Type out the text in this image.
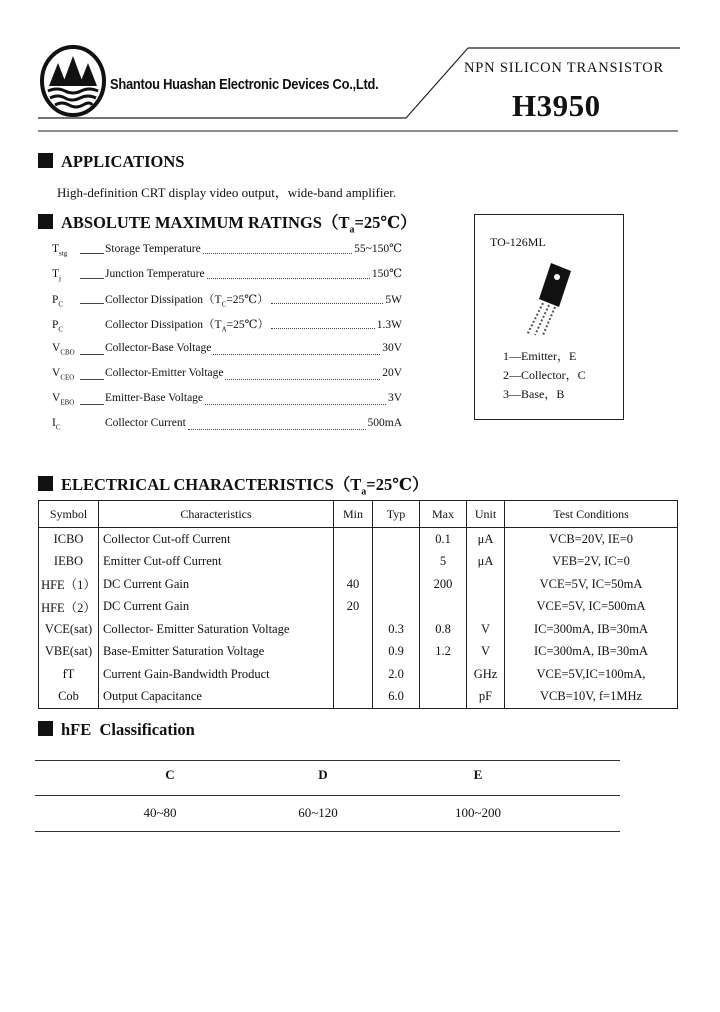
Shantou Huashan Electronic Devices Co.,Ltd.
NPN SILICON TRANSISTOR
H3950
APPLICATIONS
High-definition CRT display video output，wide-band amplifier.
ABSOLUTE MAXIMUM $RATINGS(T_a=25℃)$
$T_{stg}$	Storage Temperature	55~150℃
$T_j$	Junction Temperature	150℃
$P_C$	Collector $Dissipation(T_C=25℃)$	5W
$P_C$	Collector $Dissipation(T_A=25℃)$	1.3W
$V_{CBO}$	Collector-Base Voltage	30V
$V_{CEO}$	Collector-Emitter Voltage	20V
$V_{EBO}$	Emitter-Base Voltage	3V
$I_C$	Collector Current	500mA
TO-126ML
1—Emitter，E
2—Collector，C
3—Base，B
ELECTRICAL $CHARACTERISTICS(T_a=25℃)$
Symbol	Characteristics	Min	Typ	Max	Unit	Test Conditions
ICBO	Collector Cut-off Current			0.1	μA	VCB=20V, IE=0
IEBO	Emitter Cut-off Current			5	μA	VEB=2V, IC=0
HFE（1）	DC Current Gain	40		200		VCE=5V, IC=50mA
HFE（2）	DC Current Gain	20				VCE=5V, IC=500mA
VCE(sat)	Collector- Emitter Saturation Voltage		0.3	0.8	V	IC=300mA, IB=30mA
VBE(sat)	Base-Emitter Saturation Voltage		0.9	1.2	V	IC=300mA, IB=30mA
fT	Current Gain-Bandwidth Product		2.0		GHz	VCE=5V,IC=100mA,
Cob	Output Capacitance		6.0		pF	VCB=10V, f=1MHz
hFE Classification
C	D	E
40~80	60~120	100~200
